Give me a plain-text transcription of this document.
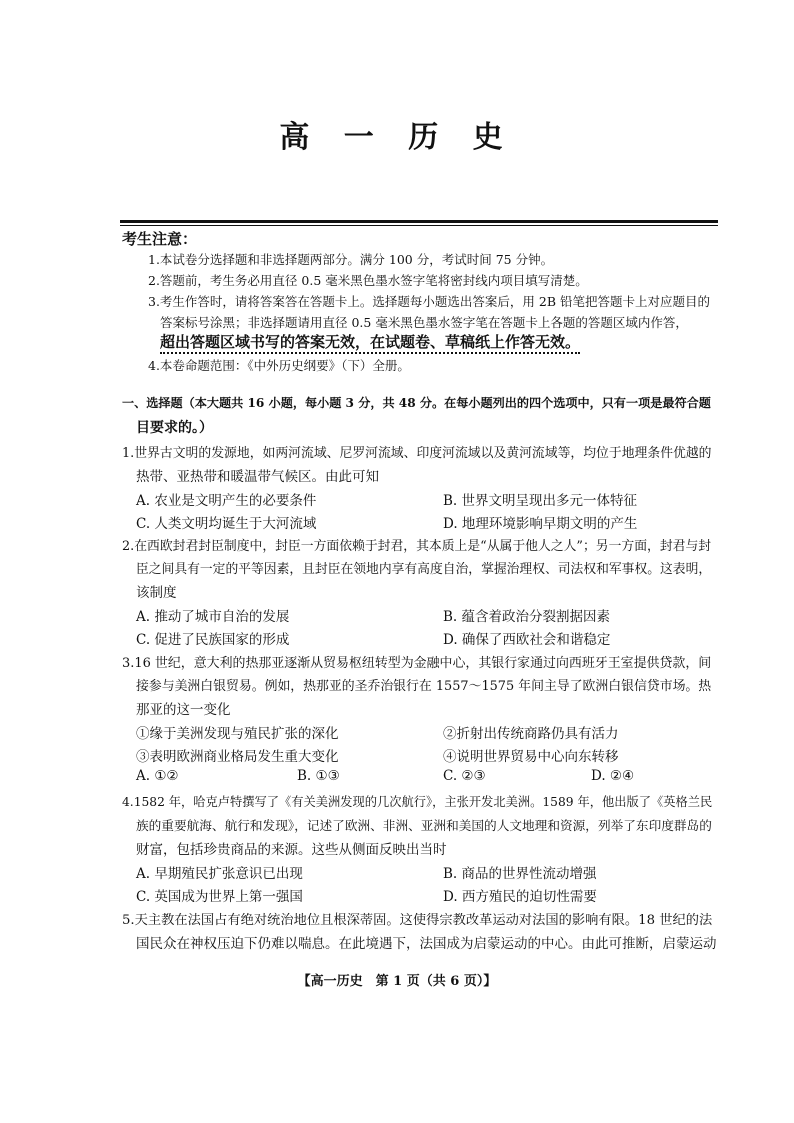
高 一 历 史
考生注意：
1.本试卷分选择题和非选择题两部分。满分 100 分，考试时间 75 分钟。
2.答题前，考生务必用直径 0.5 毫米黑色墨水签字笔将密封线内项目填写清楚。
3.考生作答时，请将答案答在答题卡上。选择题每小题选出答案后，用 2B 铅笔把答题卡上对应题目的
答案标号涂黑；非选择题请用直径 0.5 毫米黑色墨水签字笔在答题卡上各题的答题区域内作答，
超出答题区域书写的答案无效，在试题卷、草稿纸上作答无效。
4.本卷命题范围：《中外历史纲要》（下）全册。
一、选择题（本大题共 16 小题，每小题 3 分，共 48 分。在每小题列出的四个选项中，只有一项是最符合题
目要求的。）
1.世界古文明的发源地，如两河流域、尼罗河流域、印度河流域以及黄河流域等，均位于地理条件优越的
热带、亚热带和暖温带气候区。由此可知
A. 农业是文明产生的必要条件	B. 世界文明呈现出多元一体特征
C. 人类文明均诞生于大河流域	D. 地理环境影响早期文明的产生
2.在西欧封君封臣制度中，封臣一方面依赖于封君，其本质上是“从属于他人之人”；另一方面，封君与封
臣之间具有一定的平等因素，且封臣在领地内享有高度自治，掌握治理权、司法权和军事权。这表明，
该制度
A. 推动了城市自治的发展	B. 蕴含着政治分裂割据因素
C. 促进了民族国家的形成	D. 确保了西欧社会和谐稳定
3.16 世纪，意大利的热那亚逐渐从贸易枢纽转型为金融中心，其银行家通过向西班牙王室提供贷款，间
接参与美洲白银贸易。例如，热那亚的圣乔治银行在 1557～1575 年间主导了欧洲白银信贷市场。热
那亚的这一变化
①缘于美洲发现与殖民扩张的深化	②折射出传统商路仍具有活力
③表明欧洲商业格局发生重大变化	④说明世界贸易中心向东转移
A. ①②	B. ①③	C. ②③	D. ②④
4.1582 年，哈克卢特撰写了《有关美洲发现的几次航行》，主张开发北美洲。1589 年，他出版了《英格兰民
族的重要航海、航行和发现》，记述了欧洲、非洲、亚洲和美国的人文地理和资源，列举了东印度群岛的
财富，包括珍贵商品的来源。这些从侧面反映出当时
A. 早期殖民扩张意识已出现	B. 商品的世界性流动增强
C. 英国成为世界上第一强国	D. 西方殖民的迫切性需要
5.天主教在法国占有绝对统治地位且根深蒂固。这使得宗教改革运动对法国的影响有限。18 世纪的法
国民众在神权压迫下仍难以喘息。在此境遇下，法国成为启蒙运动的中心。由此可推断，启蒙运动
【高一历史　第 1 页（共 6 页）】
